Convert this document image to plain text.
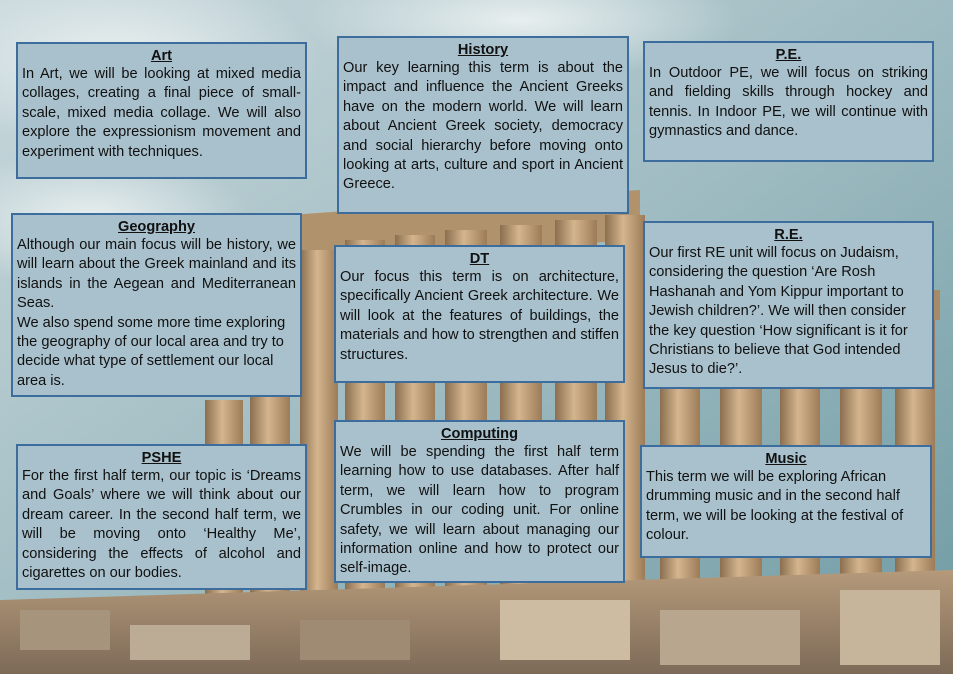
Art

In Art, we will be looking at mixed media collages, creating a final piece of small-scale, mixed media collage. We will also explore the expressionism movement and experiment with techniques.

History

Our key learning this term is about the impact and influence the Ancient Greeks have on the modern world. We will learn about Ancient Greek society, democracy and social hierarchy before moving onto looking at arts, culture and sport in Ancient Greece.

P.E.

In Outdoor PE, we will focus on striking and fielding skills through hockey and tennis. In Indoor PE, we will continue with gymnastics and dance.

Geography

Although our main focus will be history, we will learn about the Greek mainland and its islands in the Aegean and Mediterranean Seas.

We also spend some more time exploring the geography of our local area and try to decide what type of settlement our local area is.

DT

Our focus this term is on architecture, specifically Ancient Greek architecture. We will look at the features of buildings, the materials and how to strengthen and stiffen structures.

R.E.

Our first RE unit will focus on Judaism, considering the question ‘Are Rosh Hashanah and Yom Kippur important to Jewish children?’. We will then consider the key question ‘How significant is it for Christians to believe that God intended Jesus to die?’.

PSHE

For the first half term, our topic is ‘Dreams and Goals’ where we will think about our dream career. In the second half term, we will be moving onto ‘Healthy Me’, considering the effects of alcohol and cigarettes on our bodies.

Computing

We will be spending the first half term learning how to use databases. After half term, we will learn how to program Crumbles in our coding unit. For online safety, we will learn about managing our information online and how to protect our self-image.

Music

This term we will be exploring African drumming music and in the second half term, we will be looking at the festival of colour.
